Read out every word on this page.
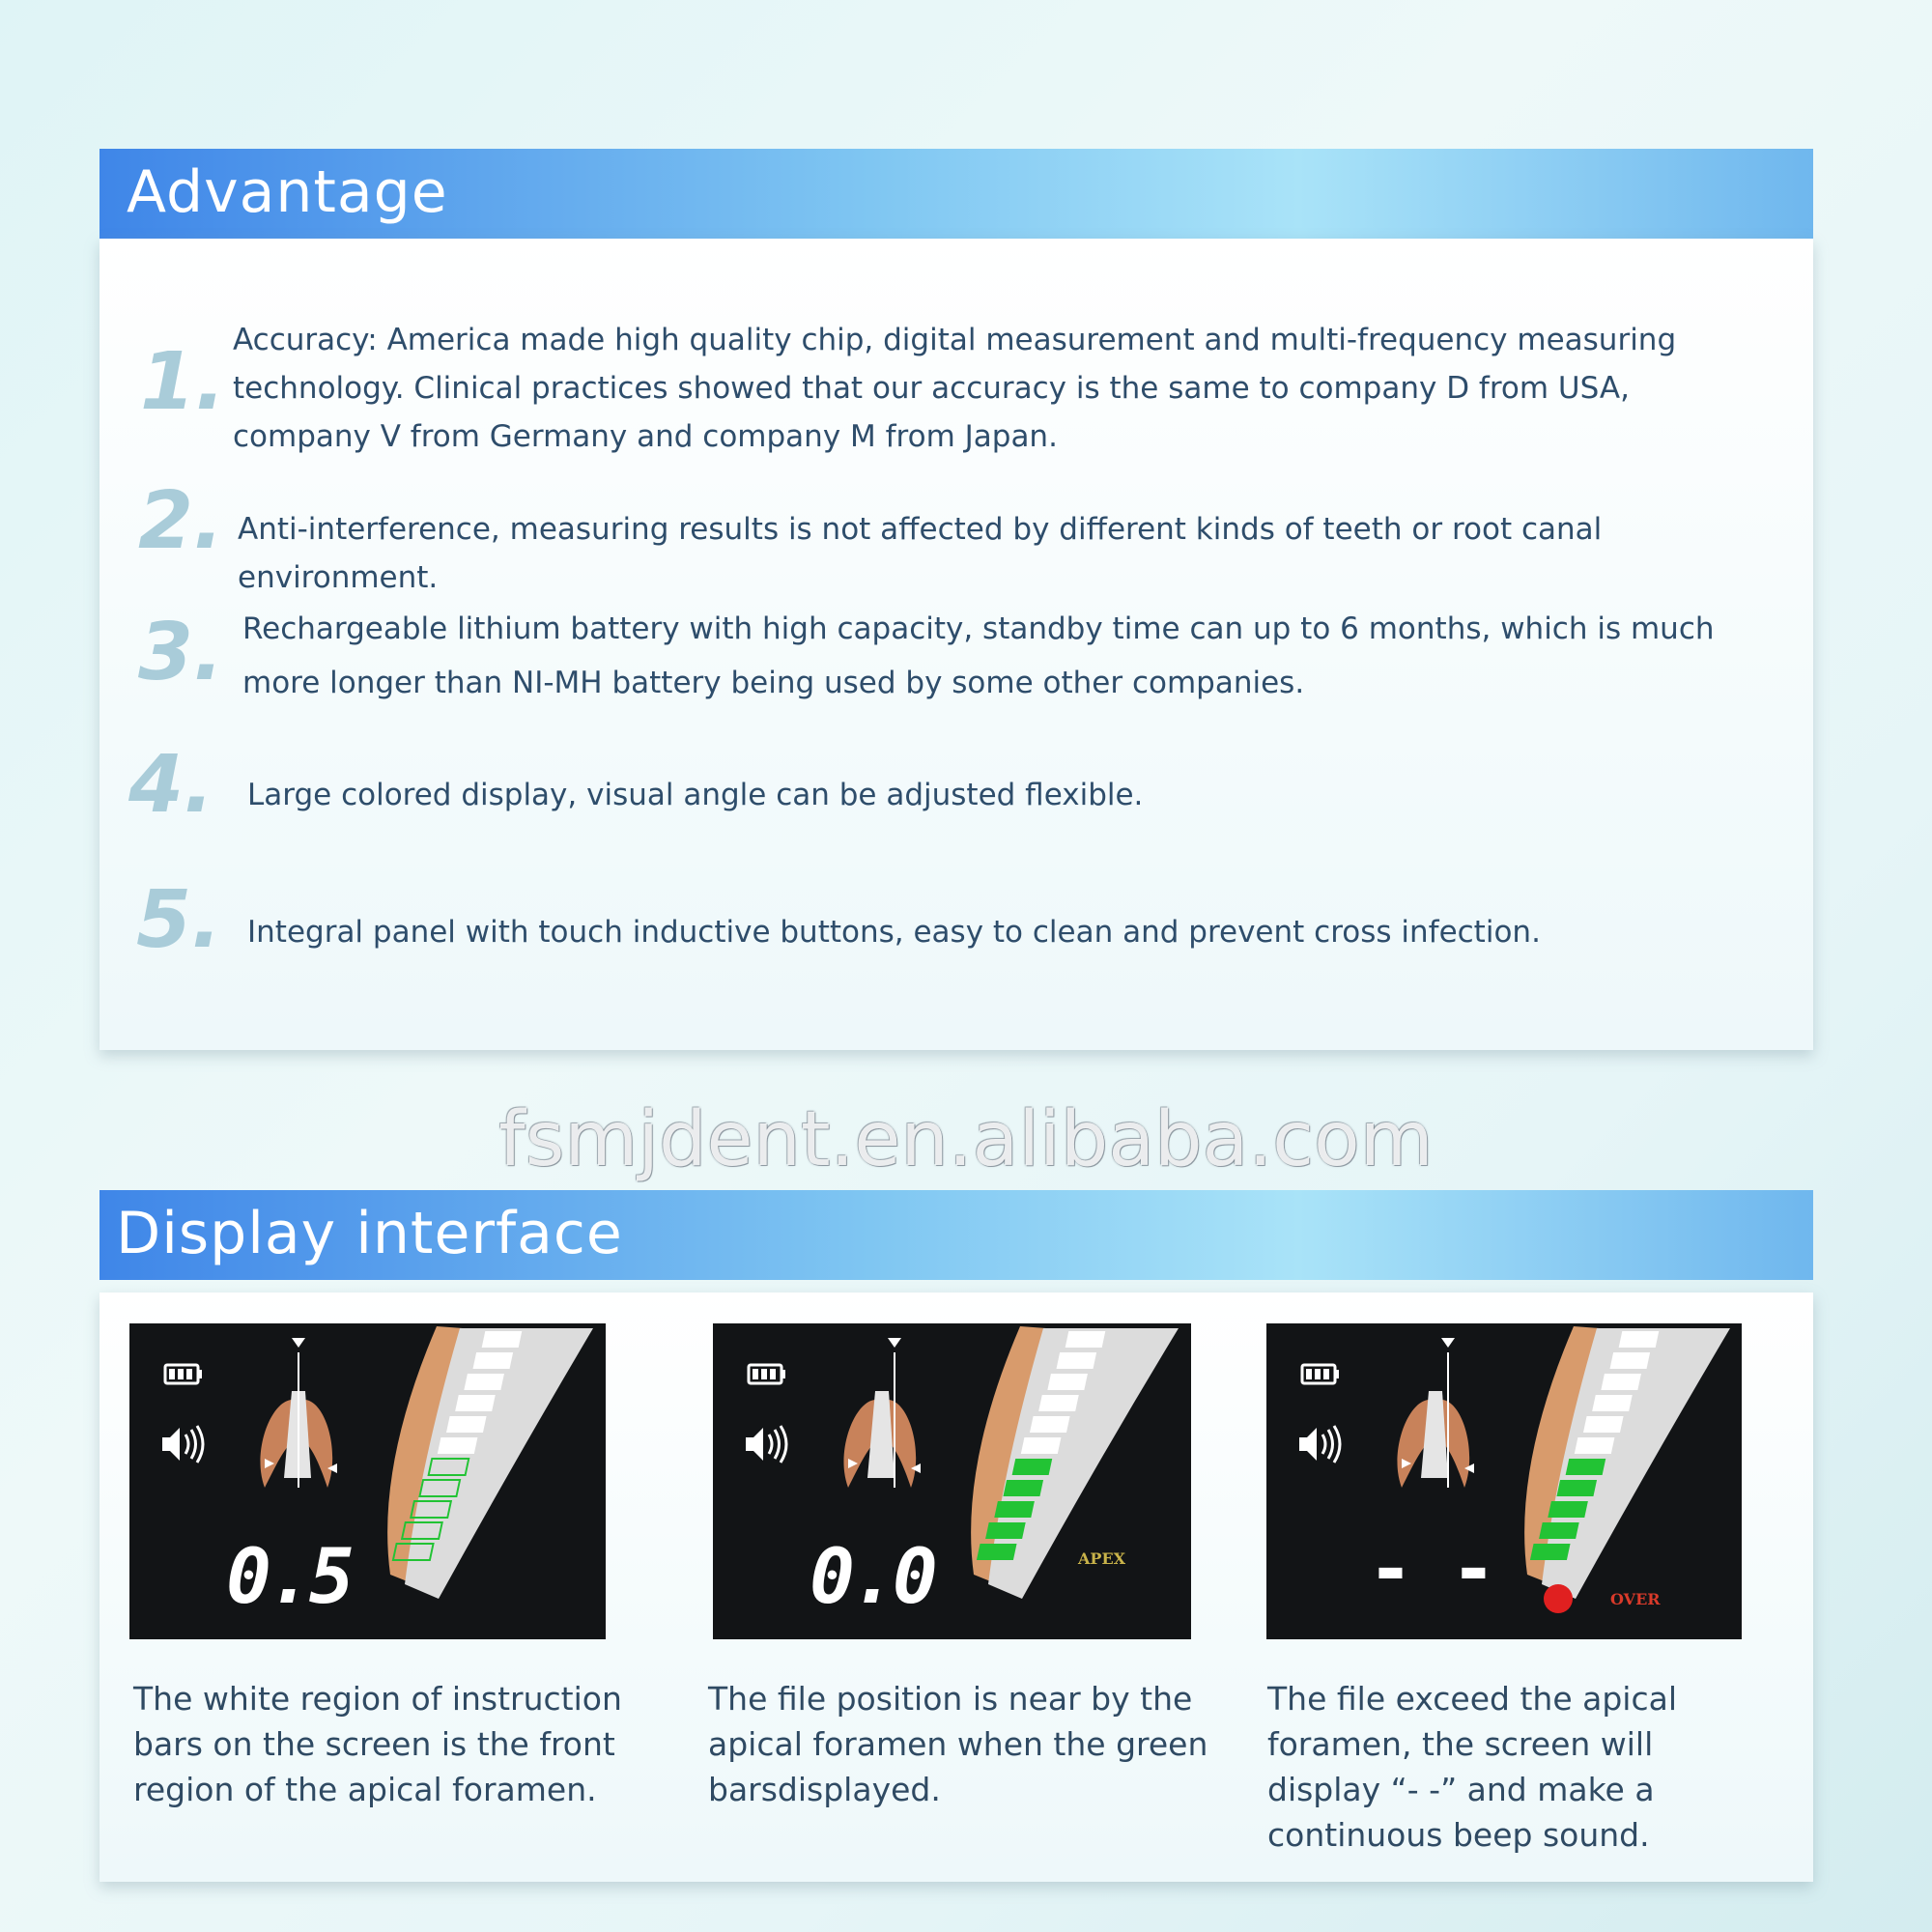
Advantage
1. Accuracy: America made high quality chip, digital measurement and multi-frequency measuring technology. Clinical practices showed that our accuracy is the same to company D from USA, company V from Germany and company M from Japan.
2. Anti-interference, measuring results is not affected by different kinds of teeth or root canal environment.
3. Rechargeable lithium battery with high capacity, standby time can up to 6 months, which is much more longer than NI-MH battery being used by some other companies.
4. Large colored display, visual angle can be adjusted flexible.
5. Integral panel with touch inductive buttons, easy to clean and prevent cross infection.
fsmjdent.en.alibaba.com
Display interface
0.5	0.0	APEX	- -	OVER
The white region of instruction bars on the screen is the front region of the apical foramen.
The file position is near by the apical foramen when the green barsdisplayed.
The file exceed the apical foramen, the screen will display “- -” and make a continuous beep sound.
